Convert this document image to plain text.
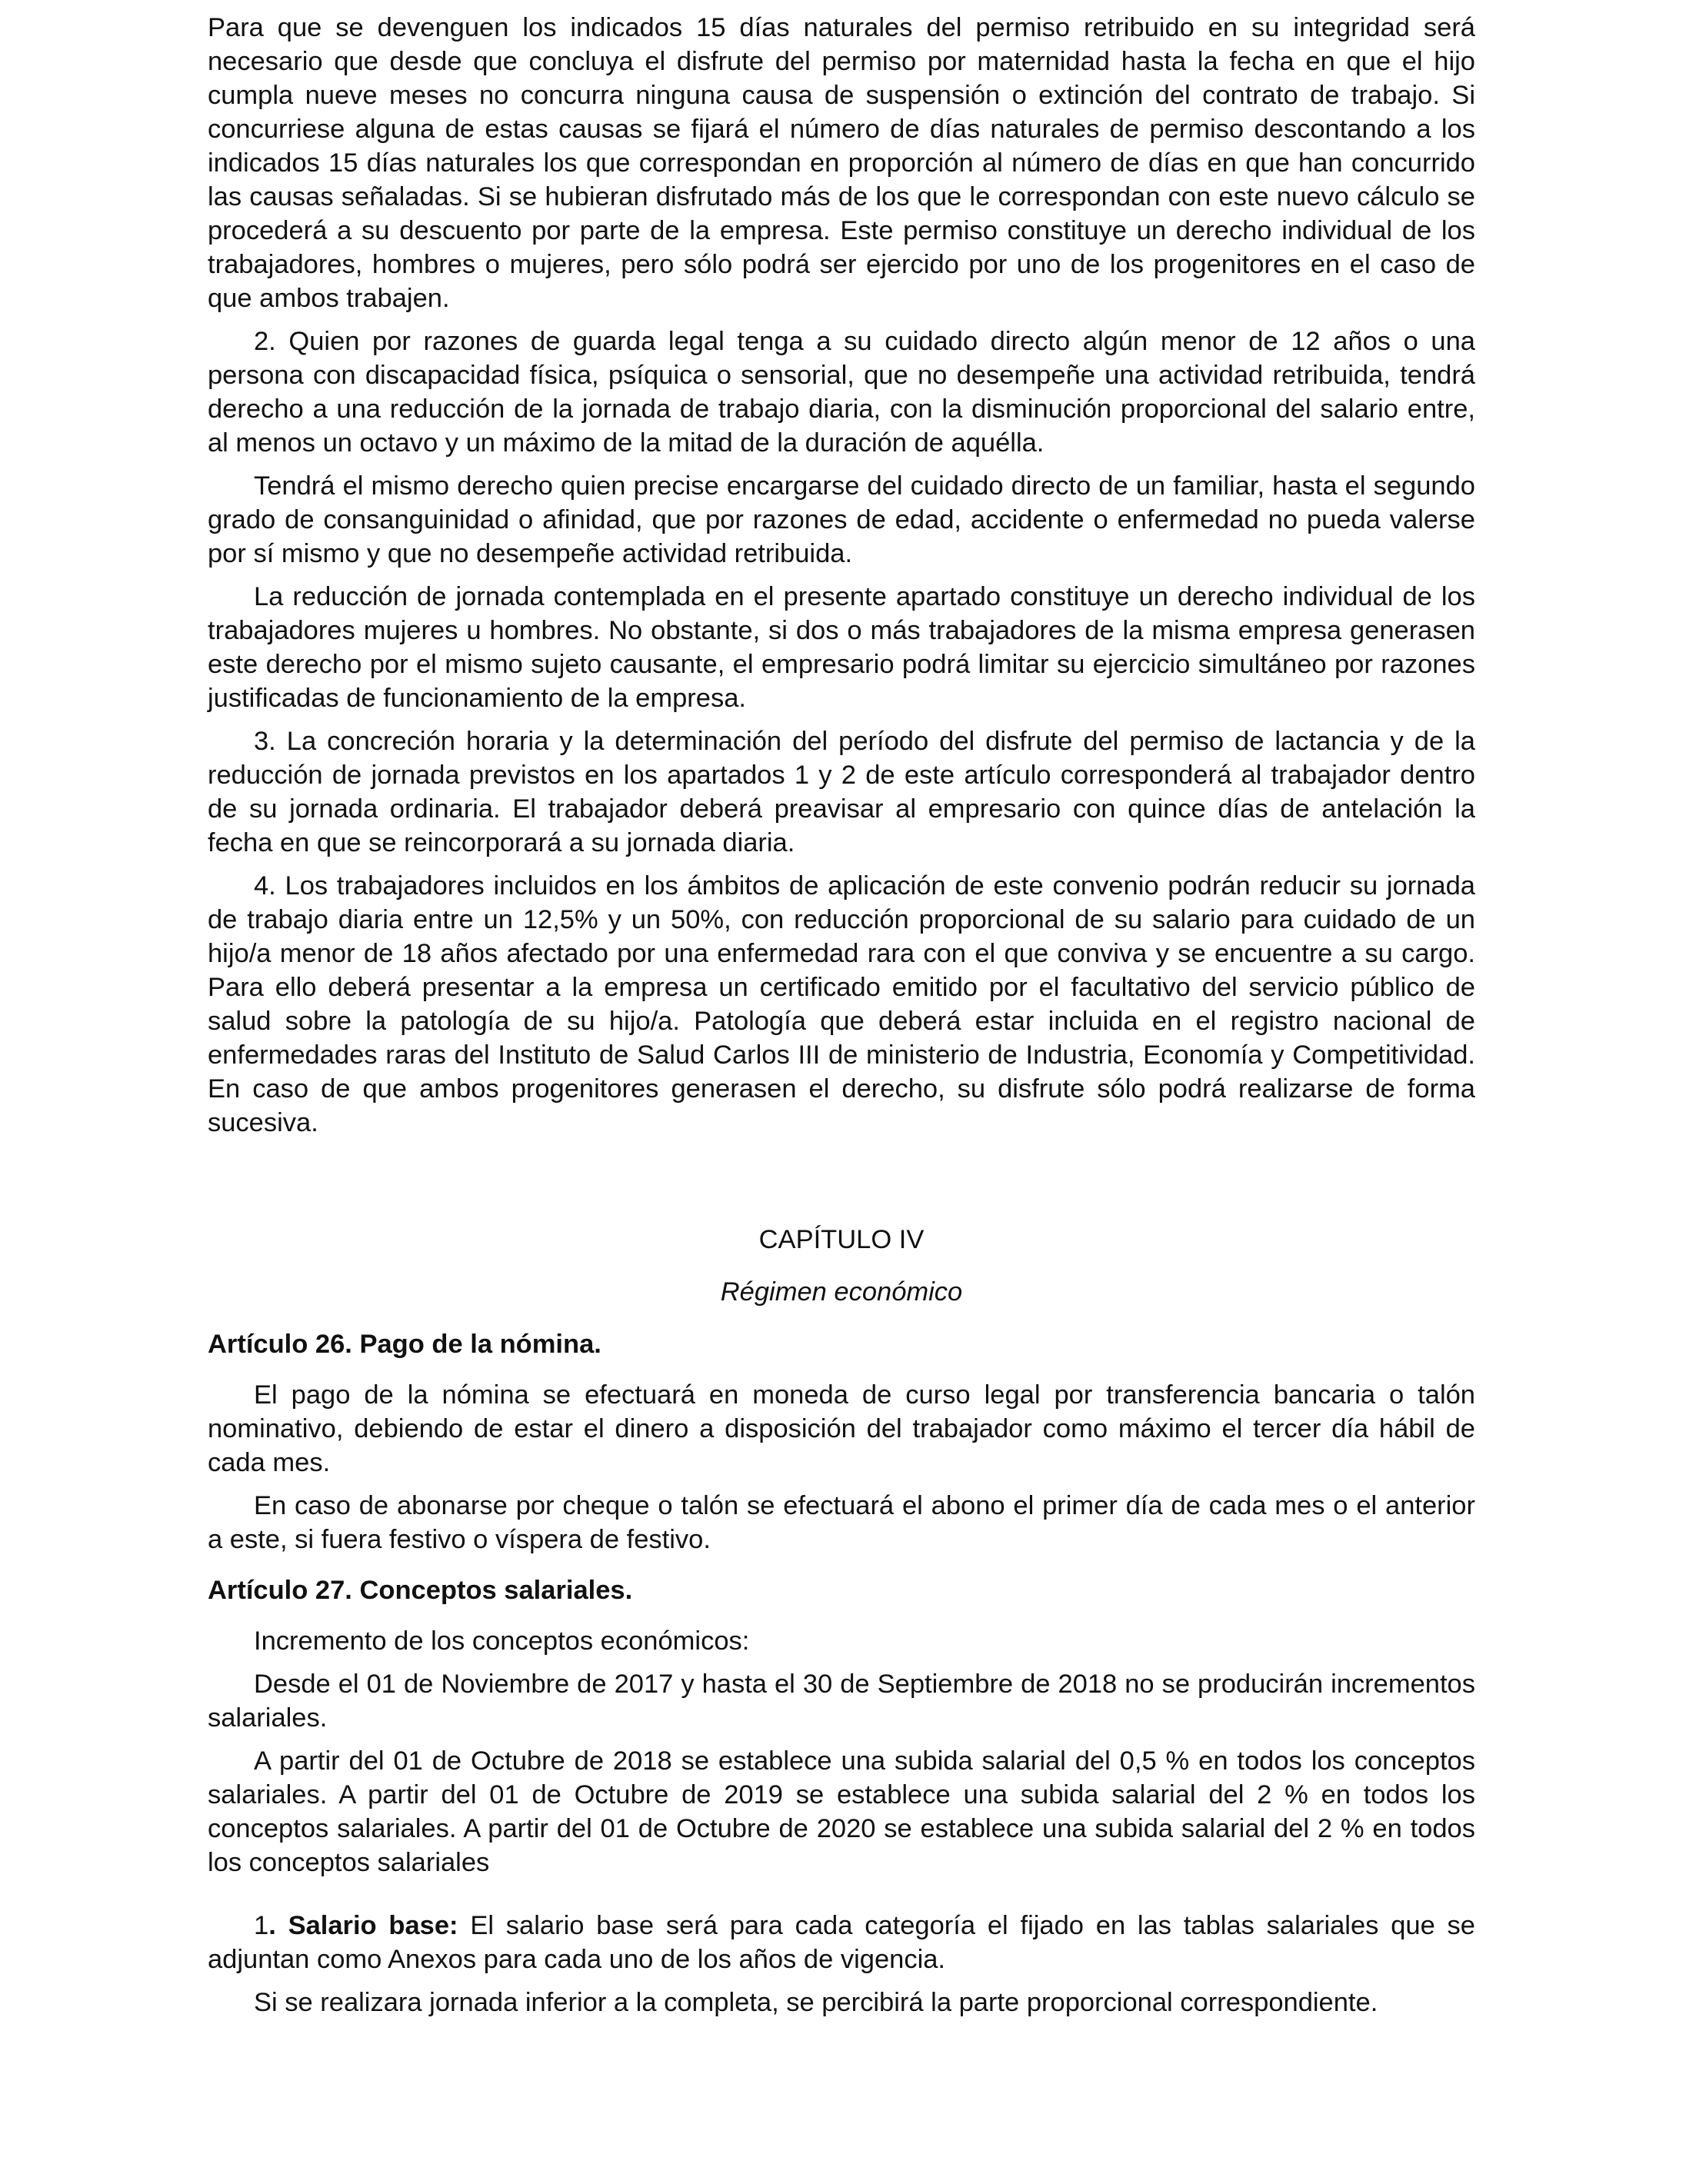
Para que se devenguen los indicados 15 días naturales del permiso retribuido en su integridad será necesario que desde que concluya el disfrute del permiso por maternidad hasta la fecha en que el hijo cumpla nueve meses no concurra ninguna causa de suspensión o extinción del contrato de trabajo. Si concurriese alguna de estas causas se fijará el número de días naturales de permiso descontando a los indicados 15 días naturales los que correspondan en proporción al número de días en que han concurrido las causas señaladas. Si se hubieran disfrutado más de los que le correspondan con este nuevo cálculo se procederá a su descuento por parte de la empresa. Este permiso constituye un derecho individual de los trabajadores, hombres o mujeres, pero sólo podrá ser ejercido por uno de los progenitores en el caso de que ambos trabajen.

2. Quien por razones de guarda legal tenga a su cuidado directo algún menor de 12 años o una persona con discapacidad física, psíquica o sensorial, que no desempeñe una actividad retribuida, tendrá derecho a una reducción de la jornada de trabajo diaria, con la disminución proporcional del salario entre, al menos un octavo y un máximo de la mitad de la duración de aquélla.

Tendrá el mismo derecho quien precise encargarse del cuidado directo de un familiar, hasta el segundo grado de consanguinidad o afinidad, que por razones de edad, accidente o enfermedad no pueda valerse por sí mismo y que no desempeñe actividad retribuida.

La reducción de jornada contemplada en el presente apartado constituye un derecho individual de los trabajadores mujeres u hombres. No obstante, si dos o más trabajadores de la misma empresa generasen este derecho por el mismo sujeto causante, el empresario podrá limitar su ejercicio simultáneo por razones justificadas de funcionamiento de la empresa.

3. La concreción horaria y la determinación del período del disfrute del permiso de lactancia y de la reducción de jornada previstos en los apartados 1 y 2 de este artículo corresponderá al trabajador dentro de su jornada ordinaria. El trabajador deberá preavisar al empresario con quince días de antelación la fecha en que se reincorporará a su jornada diaria.

4. Los trabajadores incluidos en los ámbitos de aplicación de este convenio podrán reducir su jornada de trabajo diaria entre un 12,5% y un 50%, con reducción proporcional de su salario para cuidado de un hijo/a menor de 18 años afectado por una enfermedad rara con el que conviva y se encuentre a su cargo. Para ello deberá presentar a la empresa un certificado emitido por el facultativo del servicio público de salud sobre la patología de su hijo/a. Patología que deberá estar incluida en el registro nacional de enfermedades raras del Instituto de Salud Carlos III de ministerio de Industria, Economía y Competitividad. En caso de que ambos progenitores generasen el derecho, su disfrute sólo podrá realizarse de forma sucesiva.

CAPÍTULO IV
Régimen económico
Artículo 26. Pago de la nómina.

El pago de la nómina se efectuará en moneda de curso legal por transferencia bancaria o talón nominativo, debiendo de estar el dinero a disposición del trabajador como máximo el tercer día hábil de cada mes.

En caso de abonarse por cheque o talón se efectuará el abono el primer día de cada mes o el anterior a este, si fuera festivo o víspera de festivo.

Artículo 27. Conceptos salariales.

Incremento de los conceptos económicos:

Desde el 01 de Noviembre de 2017 y hasta el 30 de Septiembre de 2018 no se producirán incrementos salariales.

A partir del 01 de Octubre de 2018 se establece una subida salarial del 0,5 % en todos los conceptos salariales. A partir del 01 de Octubre de 2019 se establece una subida salarial del 2 % en todos los conceptos salariales. A partir del 01 de Octubre de 2020 se establece una subida salarial del 2 % en todos los conceptos salariales

1. Salario base: El salario base será para cada categoría el fijado en las tablas salariales que se adjuntan como Anexos para cada uno de los años de vigencia.

Si se realizara jornada inferior a la completa, se percibirá la parte proporcional correspondiente.
